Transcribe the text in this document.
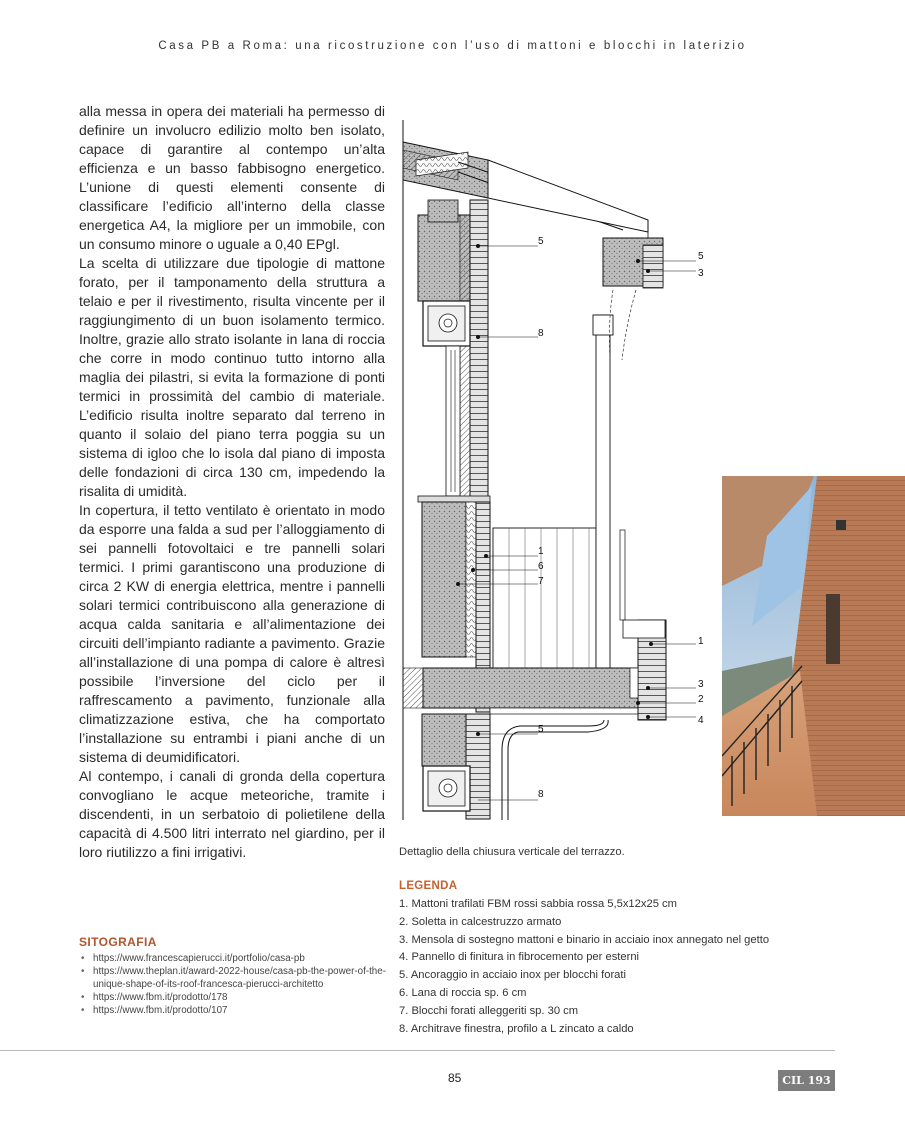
Casa PB a Roma: una ricostruzione con l’uso di mattoni e blocchi in laterizio

alla messa in opera dei materiali ha permesso di definire un involucro edilizio molto ben isolato, capace di garantire al contempo un’alta efficienza e un basso fabbisogno energetico. L’unione di questi elementi consente di classificare l’edificio all’interno della classe energetica A4, la migliore per un immobile, con un consumo minore o uguale a 0,40 EPgl.

La scelta di utilizzare due tipologie di mattone forato, per il tamponamento della struttura a telaio e per il rivestimento, risulta vincente per il raggiungimento di un buon isolamento termico. Inoltre, grazie allo strato isolante in lana di roccia che corre in modo continuo tutto intorno alla maglia dei pilastri, si evita la formazione di ponti termici in prossimità del cambio di materiale. L’edificio risulta inoltre separato dal terreno in quanto il solaio del piano terra poggia su un sistema di igloo che lo isola dal piano di imposta delle fondazioni di circa 130 cm, impedendo la risalita di umidità.

In copertura, il tetto ventilato è orientato in modo da esporre una falda a sud per l’alloggiamento di sei pannelli fotovoltaici e tre pannelli solari termici. I primi garantiscono una produzione di circa 2 KW di energia elettrica, mentre i pannelli solari termici contribuiscono alla generazione di acqua calda sanitaria e all’alimentazione dei circuiti dell’impianto radiante a pavimento. Grazie all’installazione di una pompa di calore è altresì possibile l’inversione del ciclo per il raffrescamento a pavimento, funzionale alla climatizzazione estiva, che ha comportato l’installazione su entrambi i piani anche di un sistema di deumidificatori.

Al contempo, i canali di gronda della copertura convogliano le acque meteoriche, tramite i discendenti, in un serbatoio di polietilene della capacità di 4.500 litri interrato nel giardino, per il loro riutilizzo a fini irrigativi.

SITOGRAFIA
• https://www.francescapierucci.it/portfolio/casa-pb
• https://www.theplan.it/award-2022-house/casa-pb-the-power-of-the-unique-shape-of-its-roof-francesca-pierucci-architetto
• https://www.fbm.it/prodotto/178
• https://www.fbm.it/prodotto/107
5
5
3
8
1
6
7
1
3
2
4
5
8
Dettaglio della chiusura verticale del terrazzo.
LEGENDA
1. Mattoni trafilati FBM rossi sabbia rossa 5,5x12x25 cm
2. Soletta in calcestruzzo armato
3. Mensola di sostegno mattoni e binario in acciaio inox annegato nel getto
4. Pannello di finitura in fibrocemento per esterni
5. Ancoraggio in acciaio inox per blocchi forati
6. Lana di roccia sp. 6 cm
7. Blocchi forati alleggeriti sp. 30 cm
8. Architrave finestra, profilo a L zincato a caldo
85	CIL 193
